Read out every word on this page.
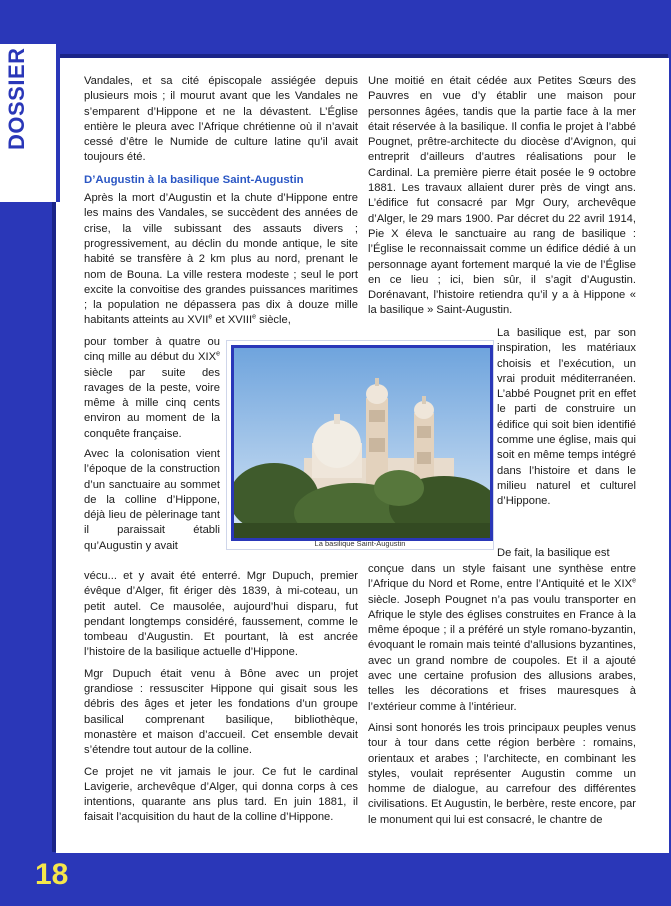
DOSSIER	Vandales, et sa cité épiscopale assiégée depuis plusieurs mois ; il mourut avant que les Vandales ne s’emparent d’Hippone et ne la dévastent. L’Église entière le pleura avec l’Afrique chrétienne où il n’avait cessé d’être le Numide de culture latine qu’il avait toujours été.

D’Augustin à la basilique Saint-Augustin

Après la mort d’Augustin et la chute d’Hippone entre les mains des Vandales, se succèdent des années de crise, la ville subissant des assauts divers ; progressivement, au déclin du monde antique, le site habité se transfère à 2 km plus au nord, prenant le nom de Bouna. La ville restera modeste ; seul le port excite la convoitise des grandes puissances maritimes ; la population ne dépassera pas dix à douze mille habitants atteints au XVIIe et XVIIIe siècle,

pour tomber à quatre ou cinq mille au début du XIXe siècle par suite des ravages de la peste, voire même à mille cinq cents environ au moment de la conquête française.
Avec la colonisation vient l’époque de la construction d’un sanctuaire au sommet de la colline d’Hippone, déjà lieu de pèlerinage tant il paraissait établi qu’Augustin y avait

vécu... et y avait été enterré. Mgr Dupuch, premier évêque d’Alger, fit ériger dès 1839, à mi-coteau, un petit autel. Ce mausolée, aujourd’hui disparu, fut pendant longtemps considéré, faussement, comme le tombeau d’Augustin. Et pourtant, là est ancrée l’histoire de la basilique actuelle d’Hippone.

Mgr Dupuch était venu à Bône avec un projet grandiose : ressusciter Hippone qui gisait sous les débris des âges et jeter les fondations d’un groupe basilical comprenant basilique, bibliothèque, monastère et maison d’accueil. Cet ensemble devait s’étendre tout autour de la colline.

Ce projet ne vit jamais le jour. Ce fut le cardinal Lavigerie, archevêque d’Alger, qui donna corps à ces intentions, quarante ans plus tard. En juin 1881, il faisait l’acquisition du haut de la colline d’Hippone.

Une moitié en était cédée aux Petites Sœurs des Pauvres en vue d’y établir une maison pour personnes âgées, tandis que la partie face à la mer était réservée à la basilique. Il confia le projet à l’abbé Pougnet, prêtre-architecte du diocèse d’Avignon, qui entreprit d’ailleurs d’autres réalisations pour le Cardinal. La première pierre était posée le 9 octobre 1881. Les travaux allaient durer près de vingt ans. L’édifice fut consacré par Mgr Oury, archevêque d’Alger, le 29 mars 1900. Par décret du 22 avril 1914, Pie X éleva le sanctuaire au rang de basilique : l’Église le reconnaissait comme un édifice dédié à un personnage ayant fortement marqué la vie de l’Église en ce lieu ; ici, bien sûr, il s’agit d’Augustin. Dorénavant, l’histoire retiendra qu’il y a à Hippone « la basilique » Saint-Augustin.

La basilique est, par son inspiration, les matériaux choisis et l’exécution, un vrai produit méditerranéen. L’abbé Pougnet prit en effet le parti de construire un édifice qui soit bien identifié comme une église, mais qui soit en même temps intégré dans l’histoire et dans le milieu naturel et culturel d’Hippone.
De fait, la basilique est

conçue dans un style faisant une synthèse entre l’Afrique du Nord et Rome, entre l’Antiquité et le XIXe siècle. Joseph Pougnet n’a pas voulu transporter en Afrique le style des églises construites en France à la même époque ; il a préféré un style romano-byzantin, évoquant le romain mais teinté d’allusions byzantines, avec un grand nombre de coupoles. Et il a ajouté avec une certaine profusion des allusions arabes, telles les décorations et frises mauresques à l’extérieur comme à l’intérieur.

Ainsi sont honorés les trois principaux peuples venus tour à tour dans cette région berbère : romains, orientaux et arabes ; l’architecte, en combinant les styles, voulait représenter Augustin comme un homme de dialogue, au carrefour des différentes civilisations. Et Augustin, le berbère, reste encore, par le monument qui lui est consacré, le chantre de

La basilique Saint-Augustin
18
